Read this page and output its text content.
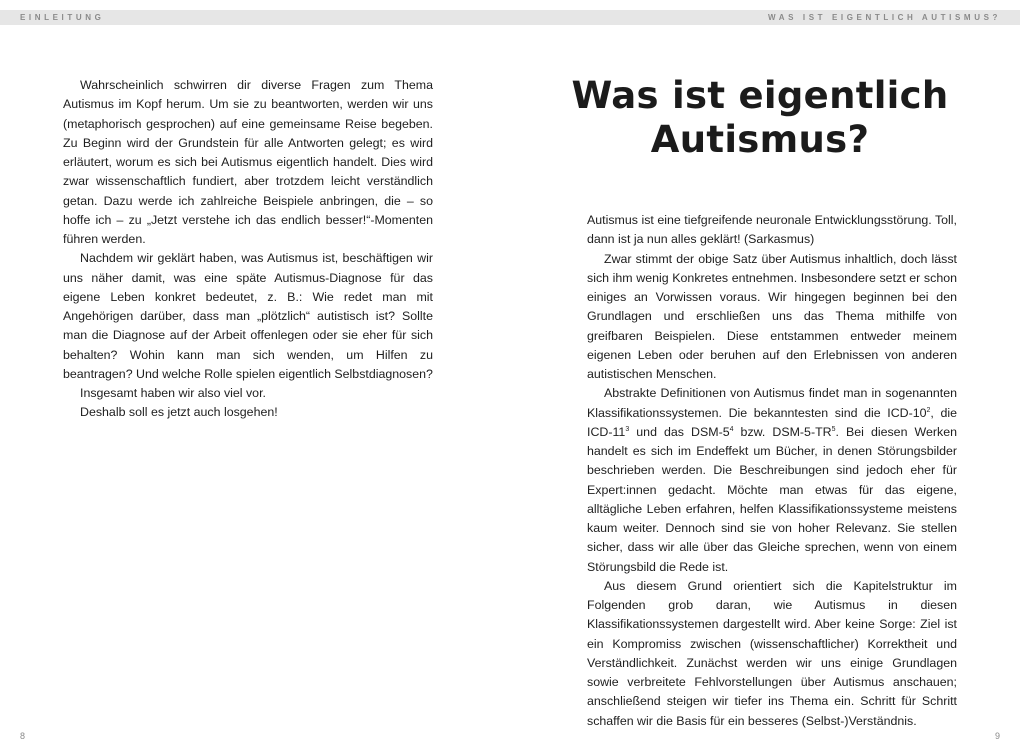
EINLEITUNG	WAS IST EIGENTLICH AUTISMUS?

Wahrscheinlich schwirren dir diverse Fragen zum Thema Autismus im Kopf herum. Um sie zu beantworten, werden wir uns (metaphorisch gesprochen) auf eine gemeinsame Reise begeben. Zu Beginn wird der Grundstein für alle Antworten gelegt; es wird erläutert, worum es sich bei Autismus eigentlich handelt. Dies wird zwar wissenschaftlich fundiert, aber trotzdem leicht verständlich getan. Dazu werde ich zahlreiche Beispiele anbringen, die – so hoffe ich – zu „Jetzt verstehe ich das endlich besser!“-Momenten führen werden.

Nachdem wir geklärt haben, was Autismus ist, beschäftigen wir uns näher damit, was eine späte Autismus-Diagnose für das eigene Leben konkret bedeutet, z. B.: Wie redet man mit Angehörigen darüber, dass man „plötzlich“ autistisch ist? Sollte man die Diagnose auf der Arbeit offenlegen oder sie eher für sich behalten? Wohin kann man sich wenden, um Hilfen zu beantragen? Und welche Rolle spielen eigentlich Selbstdiagnosen?

Insgesamt haben wir also viel vor.

Deshalb soll es jetzt auch losgehen!

8
Was ist eigentlich Autismus?

Autismus ist eine tiefgreifende neuronale Entwicklungsstörung. Toll, dann ist ja nun alles geklärt! (Sarkasmus)

Zwar stimmt der obige Satz über Autismus inhaltlich, doch lässt sich ihm wenig Konkretes entnehmen. Insbesondere setzt er schon einiges an Vorwissen voraus. Wir hingegen beginnen bei den Grundlagen und erschließen uns das Thema mithilfe von greifbaren Beispielen. Diese entstammen entweder meinem eigenen Leben oder beruhen auf den Erlebnissen von anderen autistischen Menschen.

Abstrakte Definitionen von Autismus findet man in sogenannten Klassifikationssystemen. Die bekanntesten sind die ICD-$10^2$, die ICD-$11^3$ und das DSM-$5^4$ bzw. DSM-$5-TR^5$. Bei diesen Werken handelt es sich im Endeffekt um Bücher, in denen Störungsbilder beschrieben werden. Die Beschreibungen sind jedoch eher für Expert:innen gedacht. Möchte man etwas für das eigene, alltägliche Leben erfahren, helfen Klassifikationssysteme meistens kaum weiter. Dennoch sind sie von hoher Relevanz. Sie stellen sicher, dass wir alle über das Gleiche sprechen, wenn von einem Störungsbild die Rede ist.

Aus diesem Grund orientiert sich die Kapitelstruktur im Folgenden grob daran, wie Autismus in diesen Klassifikationssystemen dargestellt wird. Aber keine Sorge: Ziel ist ein Kompromiss zwischen (wissenschaftlicher) Korrektheit und Verständlichkeit. Zunächst werden wir uns einige Grundlagen sowie verbreitete Fehlvorstellungen über Autismus anschauen; anschließend steigen wir tiefer ins Thema ein. Schritt für Schritt schaffen wir die Basis für ein besseres (Selbst-)Verständnis.

9
